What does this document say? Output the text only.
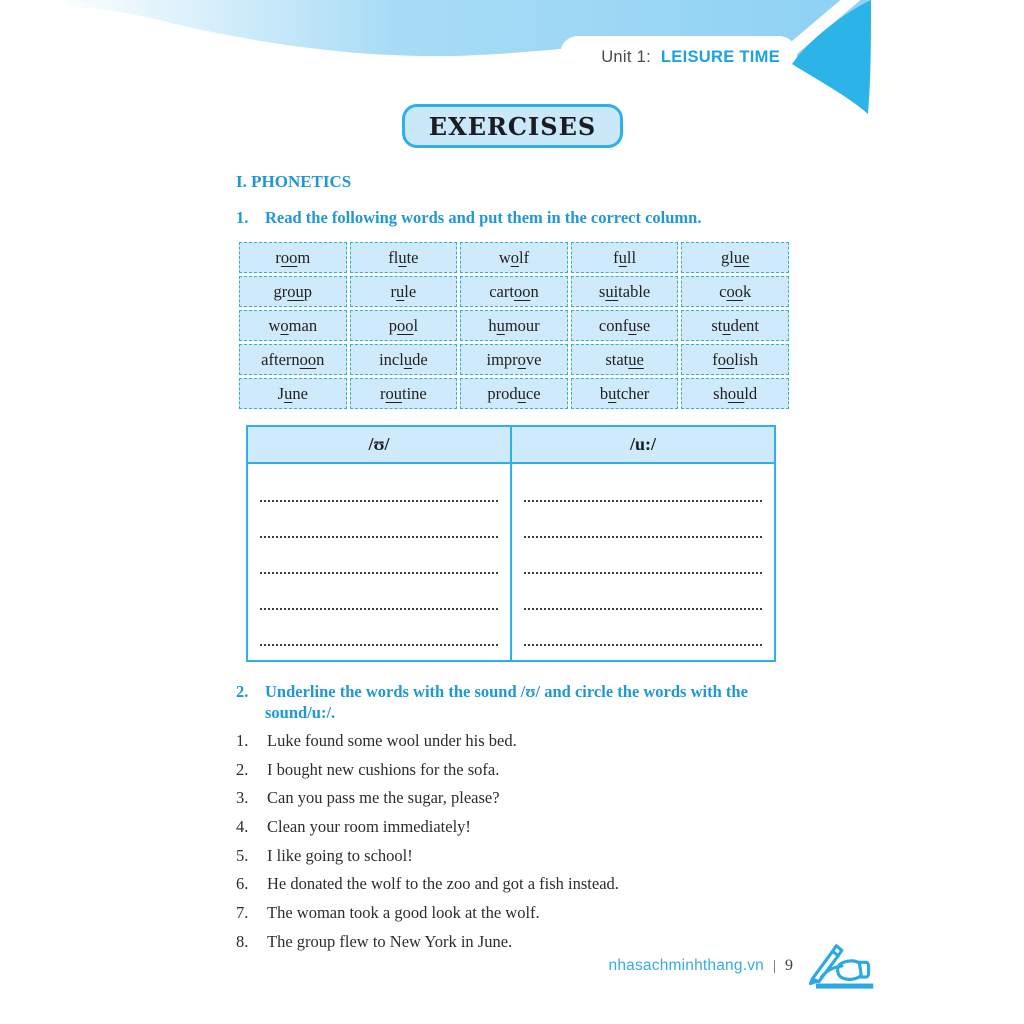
Unit 1: LEISURE TIME
EXERCISES

I. PHONETICS

1.	Read the following words and put them in the correct column.
room	flute	wolf	full	glue
group	rule	cartoon	suitable	cook
woman	pool	humour	confuse	student
afternoon	include	improve	statue	foolish
June	routine	produce	butcher	should
/ʊ/	/u:/

2.	Underline the words with the sound /ʊ/ and circle the words with the sound/u:/.
1.	Luke found some wool under his bed.
2.	I bought new cushions for the sofa.
3.	Can you pass me the sugar, please?
4.	Clean your room immediately!
5.	I like going to school!
6.	He donated the wolf to the zoo and got a fish instead.
7.	The woman took a good look at the wolf.
8.	The group flew to New York in June.
nhasachminhthang.vn | 9
